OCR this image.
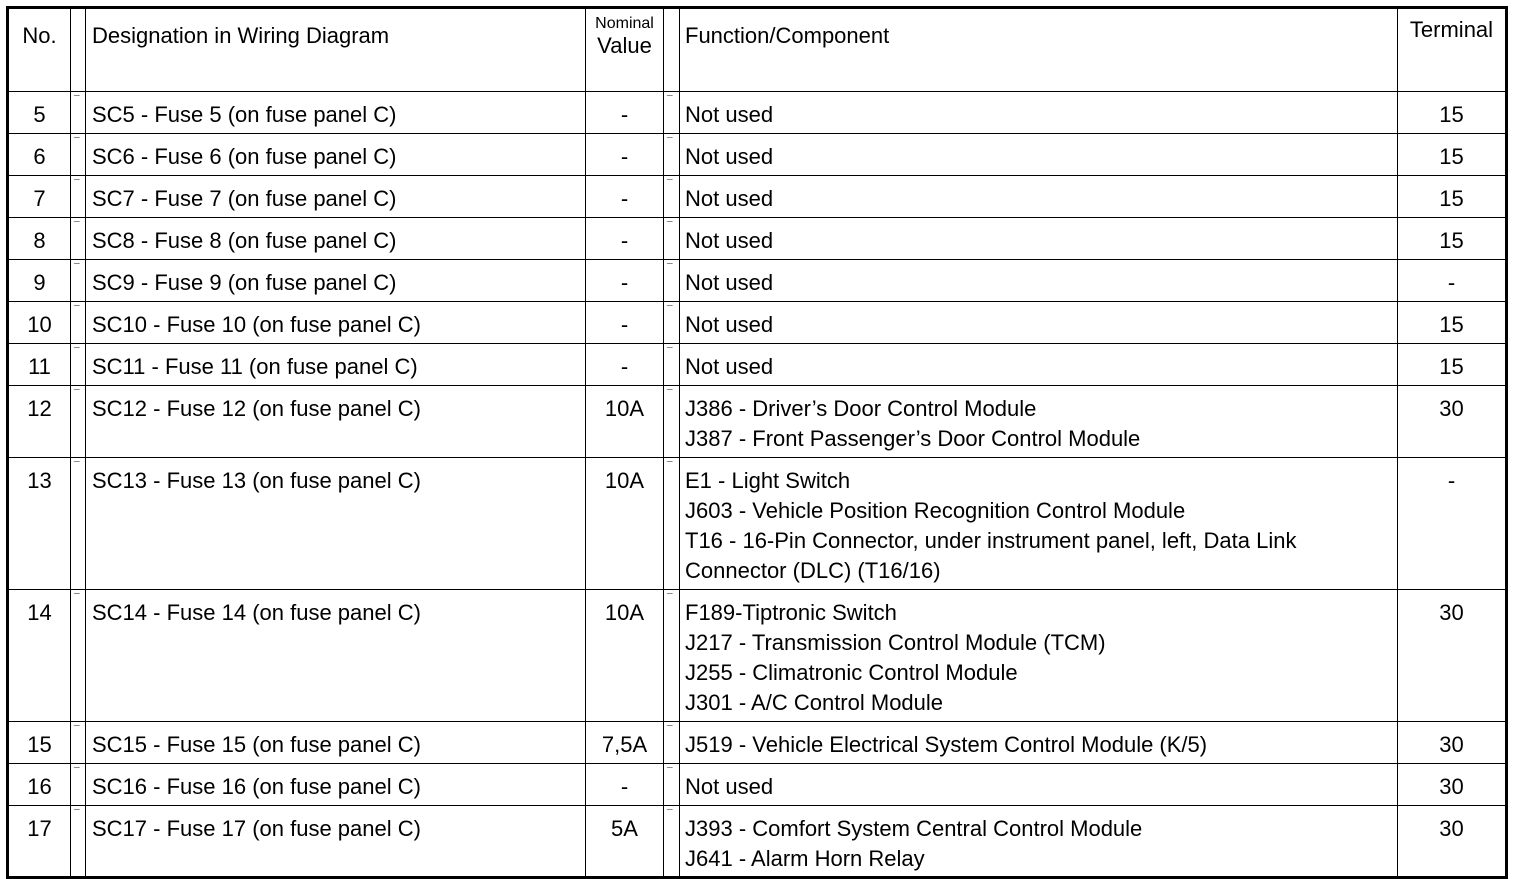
No.		Designation in Wiring Diagram	Nominal
Value		Function/Component	Terminal
5	¯	SC5 - Fuse 5 (on fuse panel C)	-	¯	Not used	15
6	¯	SC6 - Fuse 6 (on fuse panel C)	-	¯	Not used	15
7	¯	SC7 - Fuse 7 (on fuse panel C)	-	¯	Not used	15
8	¯	SC8 - Fuse 8 (on fuse panel C)	-	¯	Not used	15
9	¯	SC9 - Fuse 9 (on fuse panel C)	-	¯	Not used	-
10	¯	SC10 - Fuse 10 (on fuse panel C)	-	¯	Not used	15
11	¯	SC11 - Fuse 11 (on fuse panel C)	-	¯	Not used	15
12	¯	SC12 - Fuse 12 (on fuse panel C)	10A	¯	J386 - Driver’s Door Control Module
J387 - Front Passenger’s Door Control Module	30
13	¯	SC13 - Fuse 13 (on fuse panel C)	10A	¯	E1 - Light Switch
J603 - Vehicle Position Recognition Control Module
T16 - 16-Pin Connector, under instrument panel, left, Data Link
Connector (DLC) (T16/16)	-
14	¯	SC14 - Fuse 14 (on fuse panel C)	10A	¯	F189-Tiptronic Switch
J217 - Transmission Control Module (TCM)
J255 - Climatronic Control Module
J301 - A/C Control Module	30
15	¯	SC15 - Fuse 15 (on fuse panel C)	7,5A	¯	J519 - Vehicle Electrical System Control Module (K/5)	30
16	¯	SC16 - Fuse 16 (on fuse panel C)	-	¯	Not used	30
17	¯	SC17 - Fuse 17 (on fuse panel C)	5A	¯	J393 - Comfort System Central Control Module
J641 - Alarm Horn Relay	30
